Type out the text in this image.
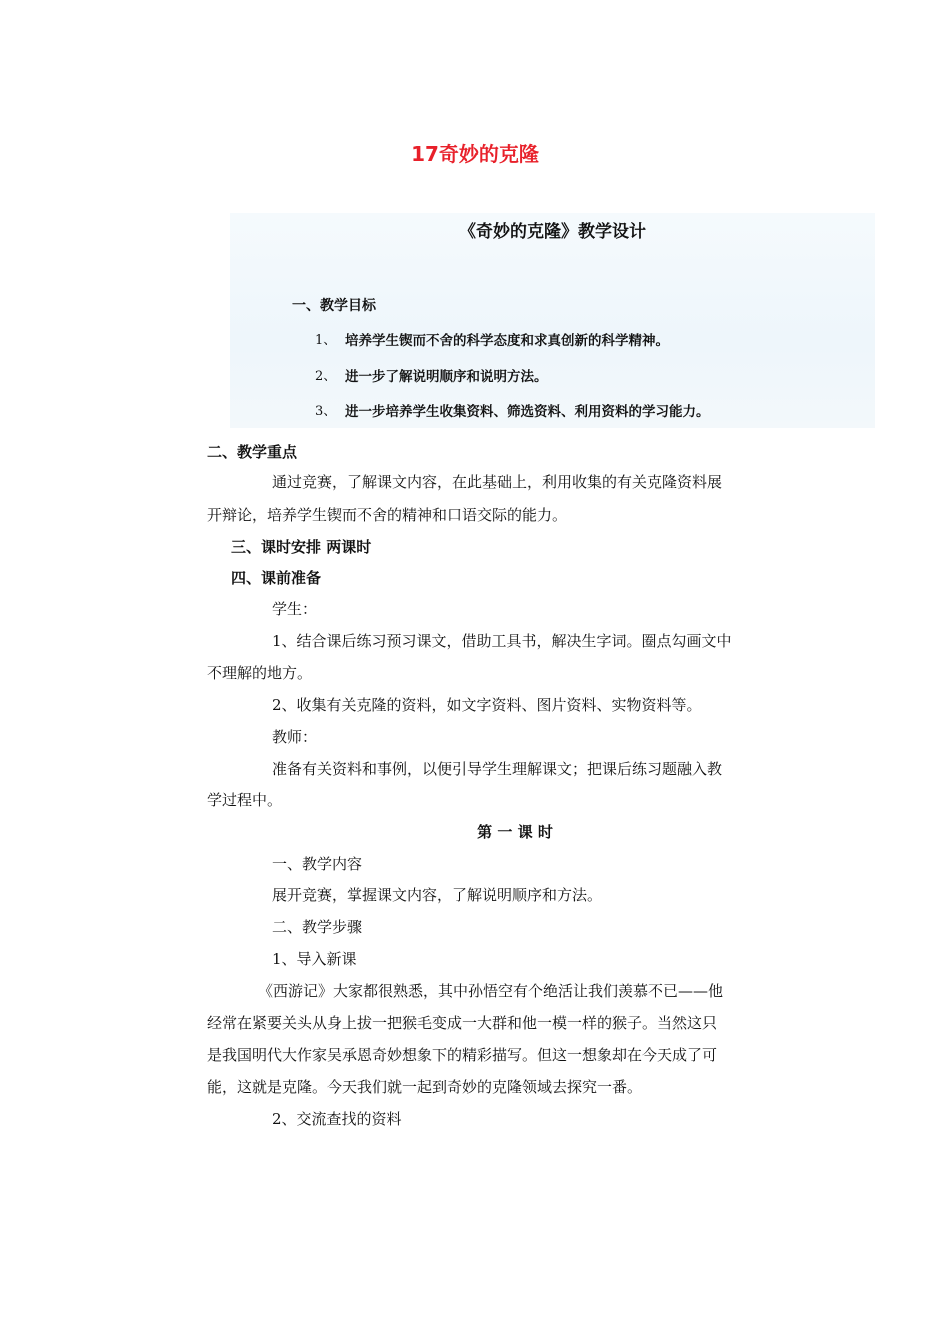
17奇妙的克隆
《奇妙的克隆》教学设计
一、教学目标
1、 培养学生锲而不舍的科学态度和求真创新的科学精神。
2、 进一步了解说明顺序和说明方法。
3、 进一步培养学生收集资料、筛选资料、利用资料的学习能力。
二、教学重点
通过竞赛，了解课文内容，在此基础上，利用收集的有关克隆资料展
开辩论，培养学生锲而不舍的精神和口语交际的能力。
三、课时安排 两课时
四、课前准备
学生：
1、结合课后练习预习课文，借助工具书，解决生字词。圈点勾画文中
不理解的地方。
2、收集有关克隆的资料，如文字资料、图片资料、实物资料等。
教师：
准备有关资料和事例，以便引导学生理解课文；把课后练习题融入教
学过程中。
第 一 课 时
一、教学内容
展开竞赛，掌握课文内容，了解说明顺序和方法。
二、教学步骤
1、导入新课
《西游记》大家都很熟悉，其中孙悟空有个绝活让我们羡慕不已——他
经常在紧要关头从身上拔一把猴毛变成一大群和他一模一样的猴子。当然这只
是我国明代大作家吴承恩奇妙想象下的精彩描写。但这一想象却在今天成了可
能，这就是克隆。今天我们就一起到奇妙的克隆领域去探究一番。
2、交流查找的资料
